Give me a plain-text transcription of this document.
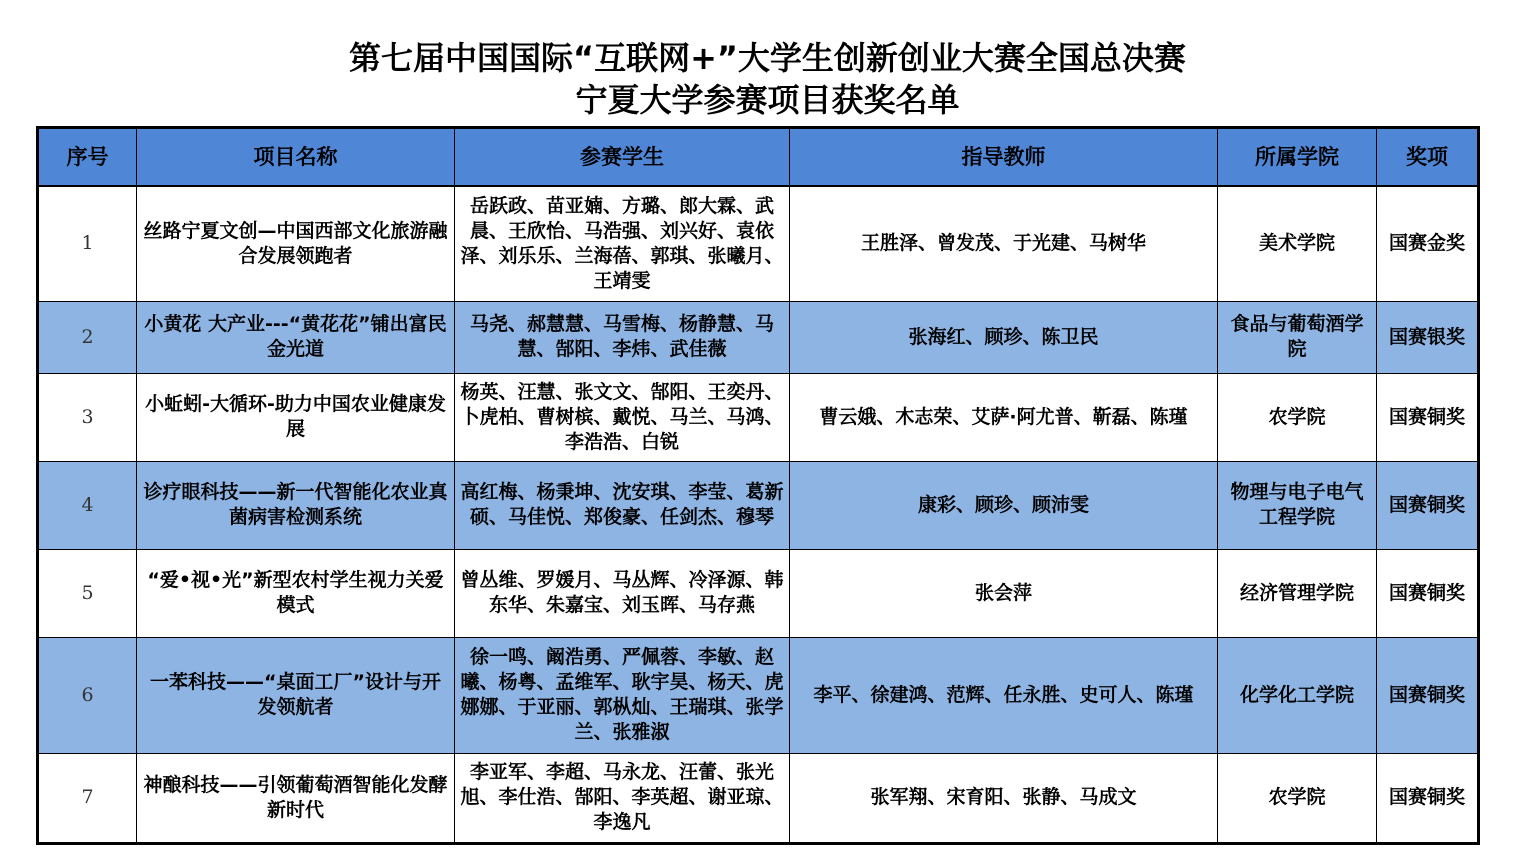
第七届中国国际“互联网+”大学生创新创业大赛全国总决赛
宁夏大学参赛项目获奖名单
序号	项目名称	参赛学生	指导教师	所属学院	奖项
1	丝路宁夏文创—中国西部文化旅游融合发展领跑者	岳跃政、苗亚婻、方璐、郎大霖、武晨、王欣怡、马浩强、刘兴好、袁依泽、刘乐乐、兰海蓓、郭琪、张曦月、王靖雯	王胜泽、曾发茂、于光建、马树华	美术学院	国赛金奖
2	小黄花 大产业---“黄花花”铺出富民金光道	马尧、郝慧慧、马雪梅、杨静慧、马慧、郜阳、李炜、武佳薇	张海红、顾珍、陈卫民	食品与葡萄酒学院	国赛银奖
3	小蚯蚓-大循环-助力中国农业健康发展	杨英、汪慧、张文文、郜阳、王奕丹、卜虎柏、曹树槟、戴悦、马兰、马鸿、李浩浩、白锐	曹云娥、木志荣、艾萨·阿尤普、靳磊、陈瑾	农学院	国赛铜奖
4	诊疗眼科技——新一代智能化农业真菌病害检测系统	高红梅、杨秉坤、沈安琪、李莹、葛新硕、马佳悦、郑俊豪、任剑杰、穆琴	康彩、顾珍、顾沛雯	物理与电子电气工程学院	国赛铜奖
5	“爱•视•光”新型农村学生视力关爱模式	曾丛维、罗媛月、马丛辉、冷泽源、韩东华、朱嘉宝、刘玉晖、马存燕	张会萍	经济管理学院	国赛铜奖
6	一苯科技——“桌面工厂”设计与开发领航者	徐一鸣、阚浩勇、严佩蓉、李敏、赵曦、杨粤、孟维军、耿宇昊、杨天、虎娜娜、于亚丽、郭枞灿、王瑞琪、张学兰、张雅淑	李平、徐建鸿、范辉、任永胜、史可人、陈瑾	化学化工学院	国赛铜奖
7	神酿科技——引领葡萄酒智能化发酵新时代	李亚军、李超、马永龙、汪蕾、张光旭、李仕浩、郜阳、李英超、谢亚琼、李逸凡	张军翔、宋育阳、张静、马成文	农学院	国赛铜奖
